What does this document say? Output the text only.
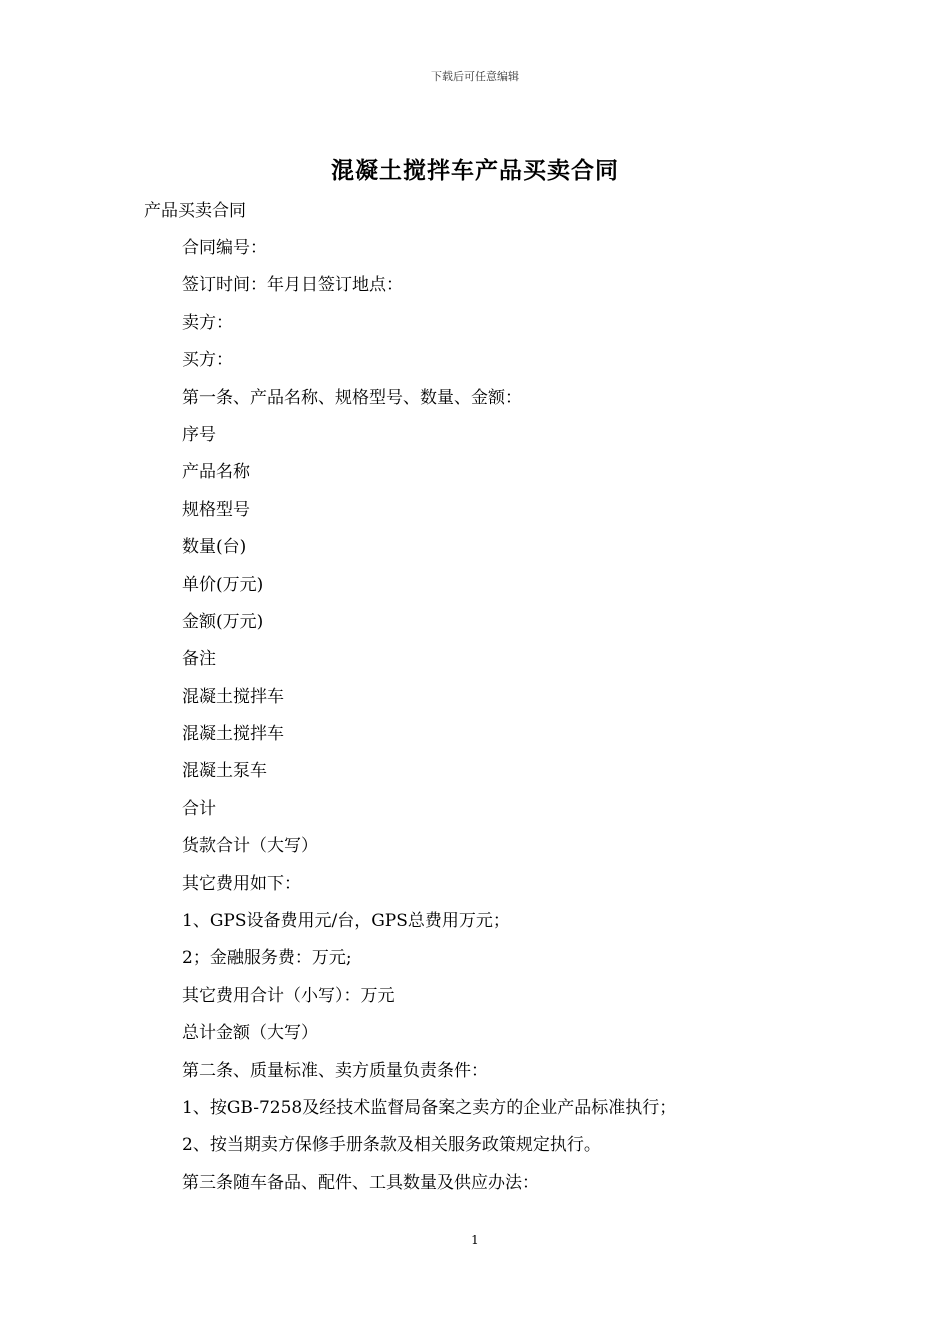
下载后可任意编辑
混凝土搅拌车产品买卖合同
产品买卖合同
合同编号：
签订时间：年月日签订地点：
卖方：
买方：
第一条、产品名称、规格型号、数量、金额：
序号
产品名称
规格型号
数量(台)
单价(万元)
金额(万元)
备注
混凝土搅拌车
混凝土搅拌车
混凝土泵车
合计
货款合计（大写）
其它费用如下：
1、GPS设备费用元/台，GPS总费用万元；
2；金融服务费：万元;
其它费用合计（小写）：万元
总计金额（大写）
第二条、质量标准、卖方质量负责条件：
1、按GB-7258及经技术监督局备案之卖方的企业产品标准执行；
2、按当期卖方保修手册条款及相关服务政策规定执行。
第三条随车备品、配件、工具数量及供应办法：
1
